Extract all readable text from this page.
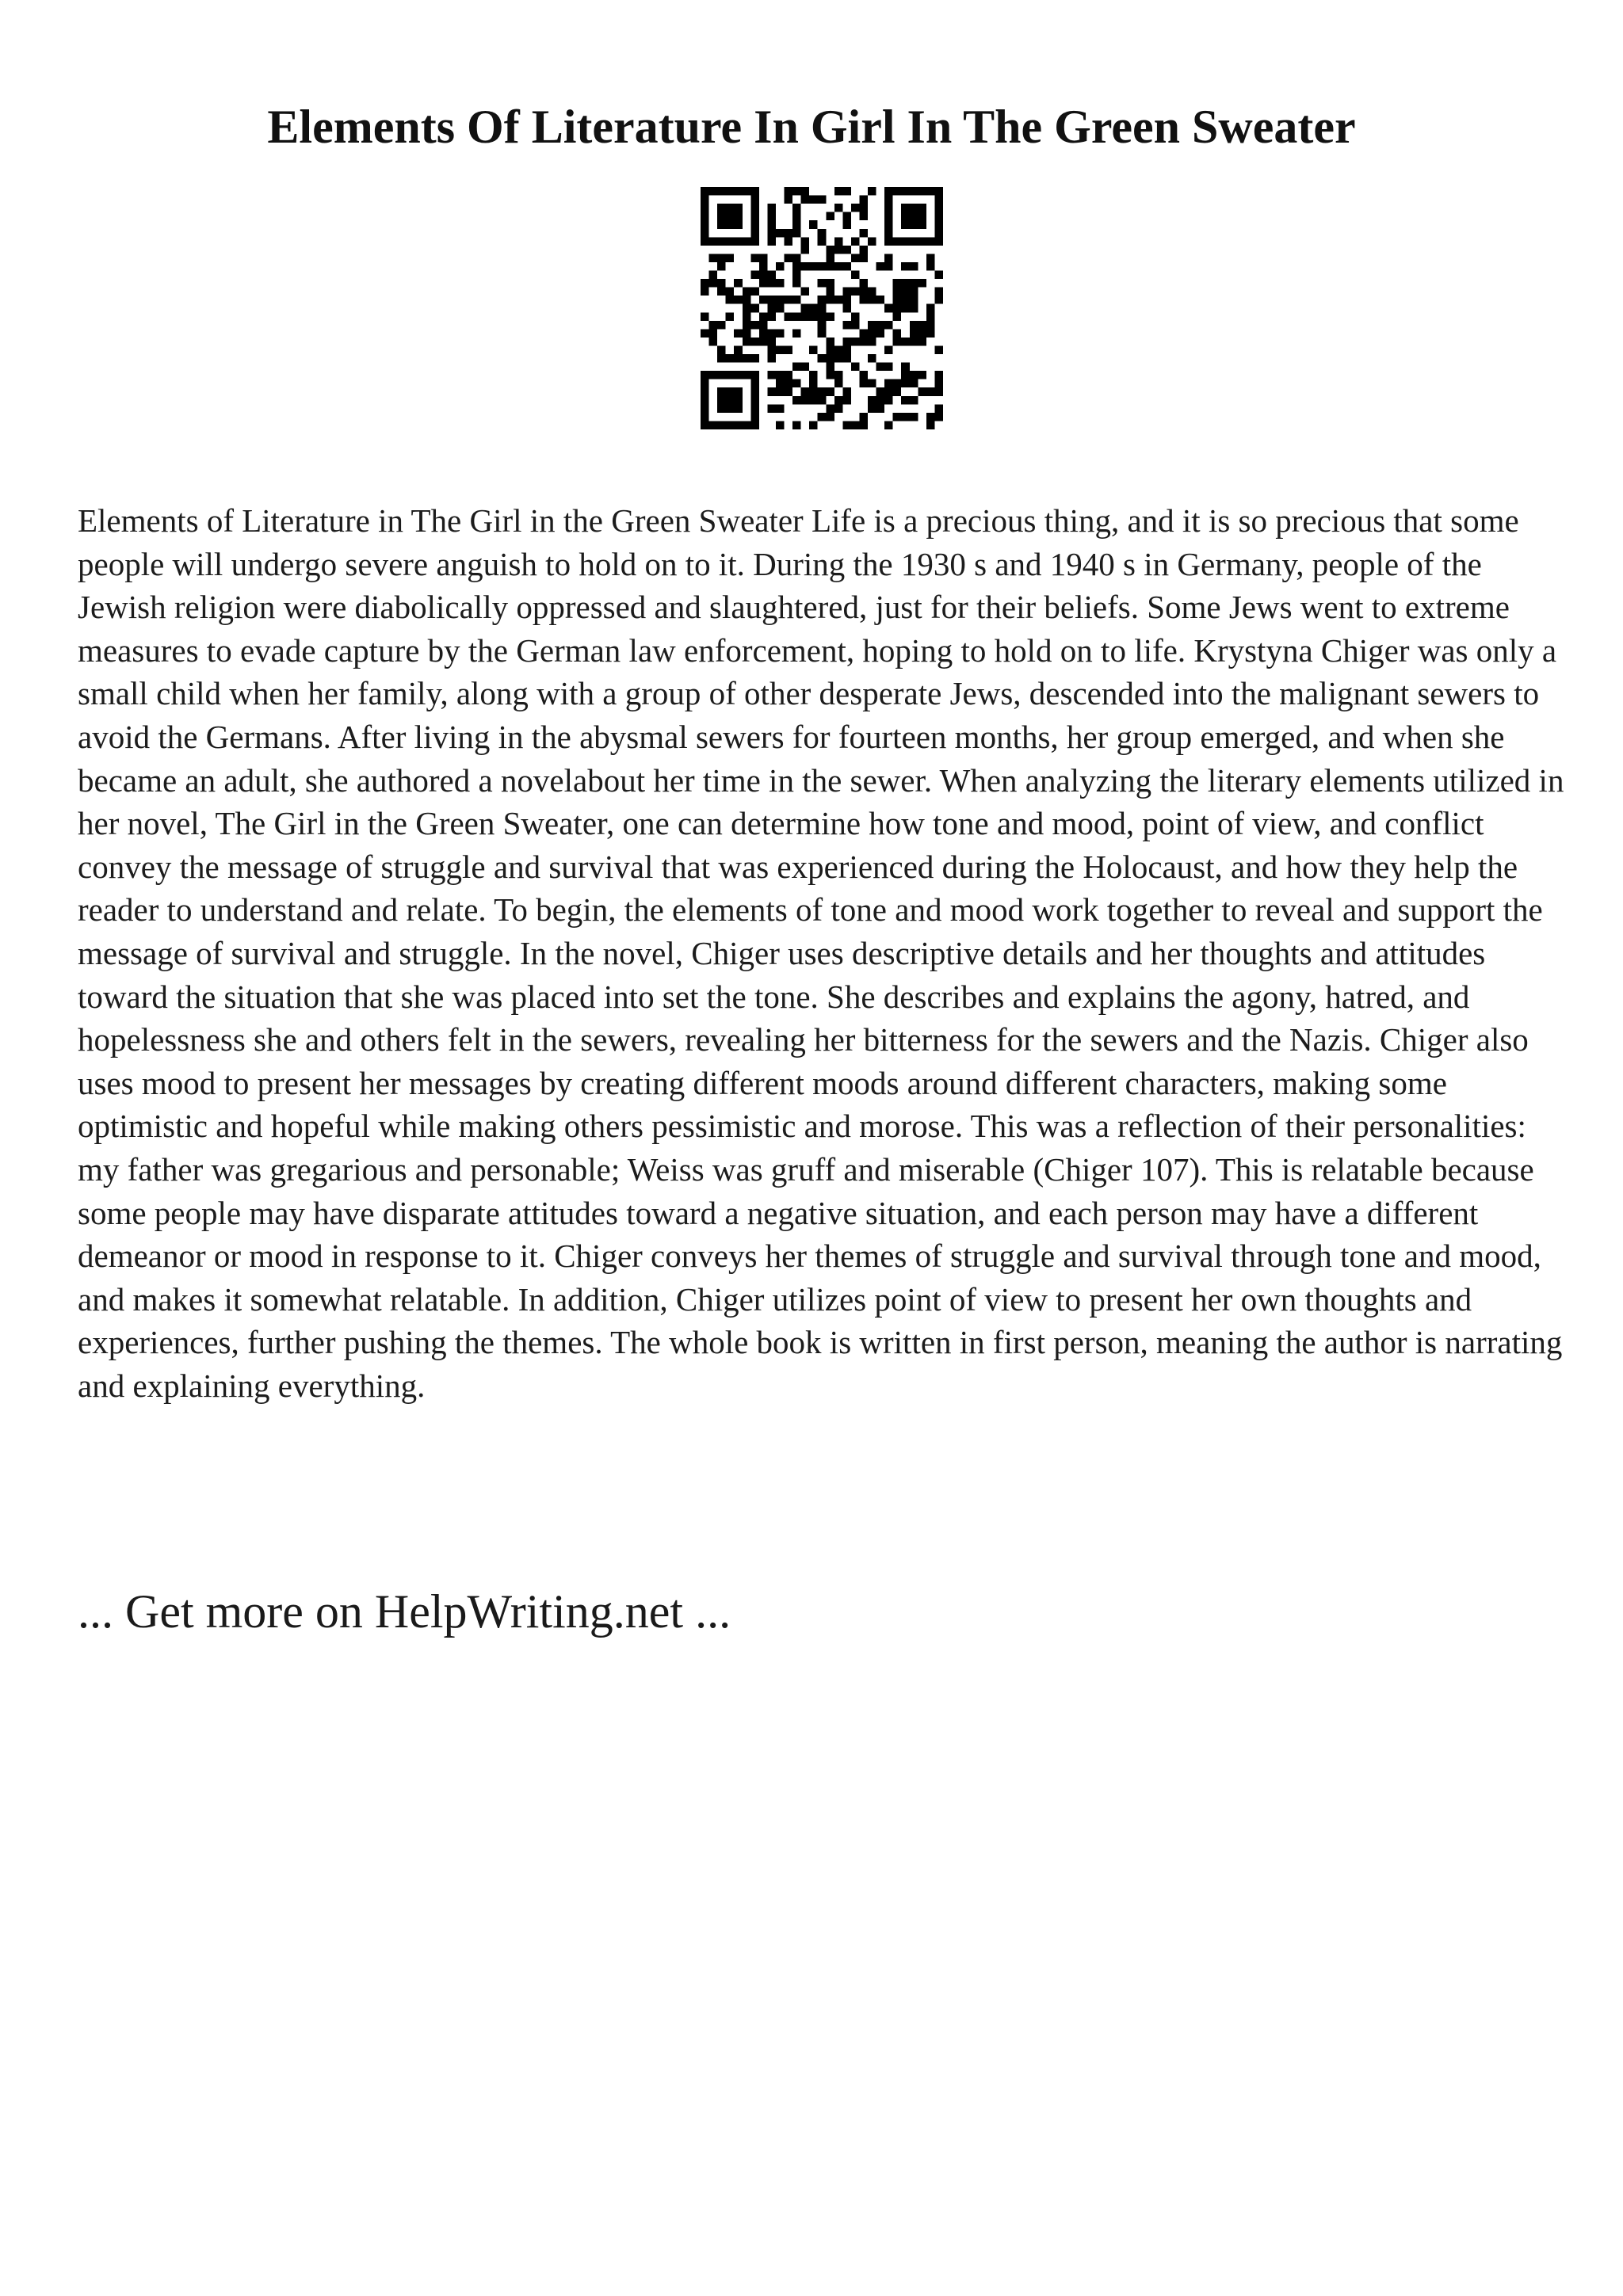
Elements Of Literature In Girl In The Green Sweater

Elements of Literature in The Girl in the Green Sweater Life is a precious thing, and it is so precious that some people will undergo severe anguish to hold on to it. During the 1930 s and 1940 s in Germany, people of the Jewish religion were diabolically oppressed and slaughtered, just for their beliefs. Some Jews went to extreme measures to evade capture by the German law enforcement, hoping to hold on to life. Krystyna Chiger was only a small child when her family, along with a group of other desperate Jews, descended into the malignant sewers to avoid the Germans. After living in the abysmal sewers for fourteen months, her group emerged, and when she became an adult, she authored a novelabout her time in the sewer. When analyzing the literary elements utilized in her novel, The Girl in the Green Sweater, one can determine how tone and mood, point of view, and conflict convey the message of struggle and survival that was experienced during the Holocaust, and how they help the reader to understand and relate. To begin, the elements of tone and mood work together to reveal and support the message of survival and struggle. In the novel, Chiger uses descriptive details and her thoughts and attitudes toward the situation that she was placed into set the tone. She describes and explains the agony, hatred, and hopelessness she and others felt in the sewers, revealing her bitterness for the sewers and the Nazis. Chiger also uses mood to present her messages by creating different moods around different characters, making some optimistic and hopeful while making others pessimistic and morose. This was a reflection of their personalities: my father was gregarious and personable; Weiss was gruff and miserable (Chiger 107). This is relatable because some people may have disparate attitudes toward a negative situation, and each person may have a different demeanor or mood in response to it. Chiger conveys her themes of struggle and survival through tone and mood, and makes it somewhat relatable. In addition, Chiger utilizes point of view to present her own thoughts and experiences, further pushing the themes. The whole book is written in first person, meaning the author is narrating and explaining everything.

... Get more on HelpWriting.net ...
